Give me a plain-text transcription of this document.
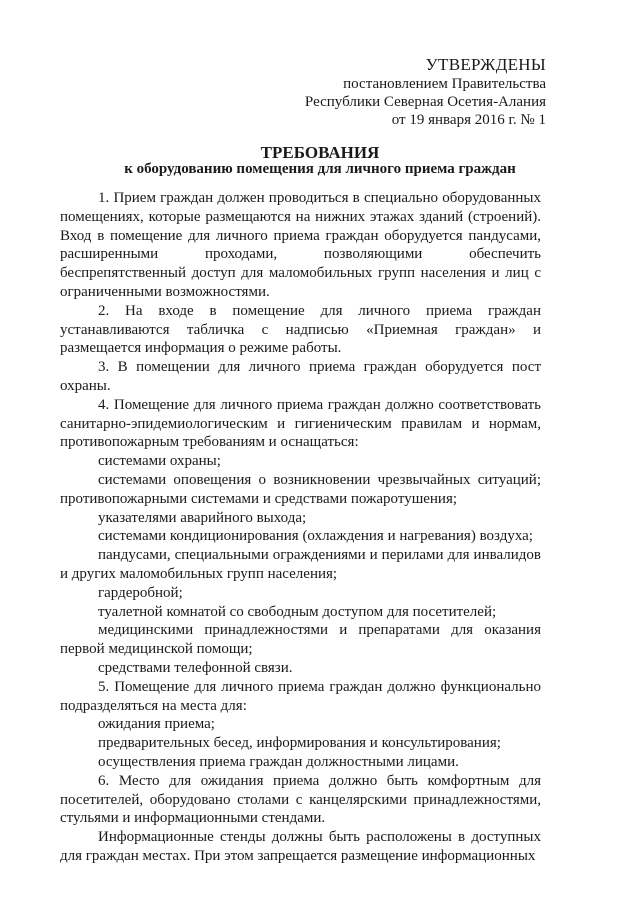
УТВЕРЖДЕНЫ
постановлением Правительства
Республики Северная Осетия-Алания
от 19 января 2016 г. № 1
ТРЕБОВАНИЯ
к оборудованию помещения для личного приема граждан

1. Прием граждан должен проводиться в специально оборудованных помещениях, которые размещаются на нижних этажах зданий (строений). Вход в помещение для личного приема граждан оборудуется пандусами, расширенными проходами, позволяющими обеспечить беспрепятственный доступ для маломобильных групп населения и лиц с ограниченными возможностями.

2. На входе в помещение для личного приема граждан устанавливаются табличка с надписью «Приемная граждан» и размещается информация о режиме работы.

3. В помещении для личного приема граждан оборудуется пост охраны.

4. Помещение для личного приема граждан должно соответствовать санитарно-эпидемиологическим и гигиеническим правилам и нормам, противопожарным требованиям и оснащаться:

системами охраны;

системами оповещения о возникновении чрезвычайных ситуаций; противопожарными системами и средствами пожаротушения;

указателями аварийного выхода;

системами кондиционирования (охлаждения и нагревания) воздуха;

пандусами, специальными ограждениями и перилами для инвалидов и других маломобильных групп населения;

гардеробной;

туалетной комнатой со свободным доступом для посетителей;

медицинскими принадлежностями и препаратами для оказания первой медицинской помощи;

средствами телефонной связи.

5. Помещение для личного приема граждан должно функционально подразделяться на места для:

ожидания приема;

предварительных бесед, информирования и консультирования;

осуществления приема граждан должностными лицами.

6. Место для ожидания приема должно быть комфортным для посетителей, оборудовано столами с канцелярскими принадлежностями, стульями и информационными стендами.

Информационные стенды должны быть расположены в доступных для граждан местах. При этом запрещается размещение информационных
